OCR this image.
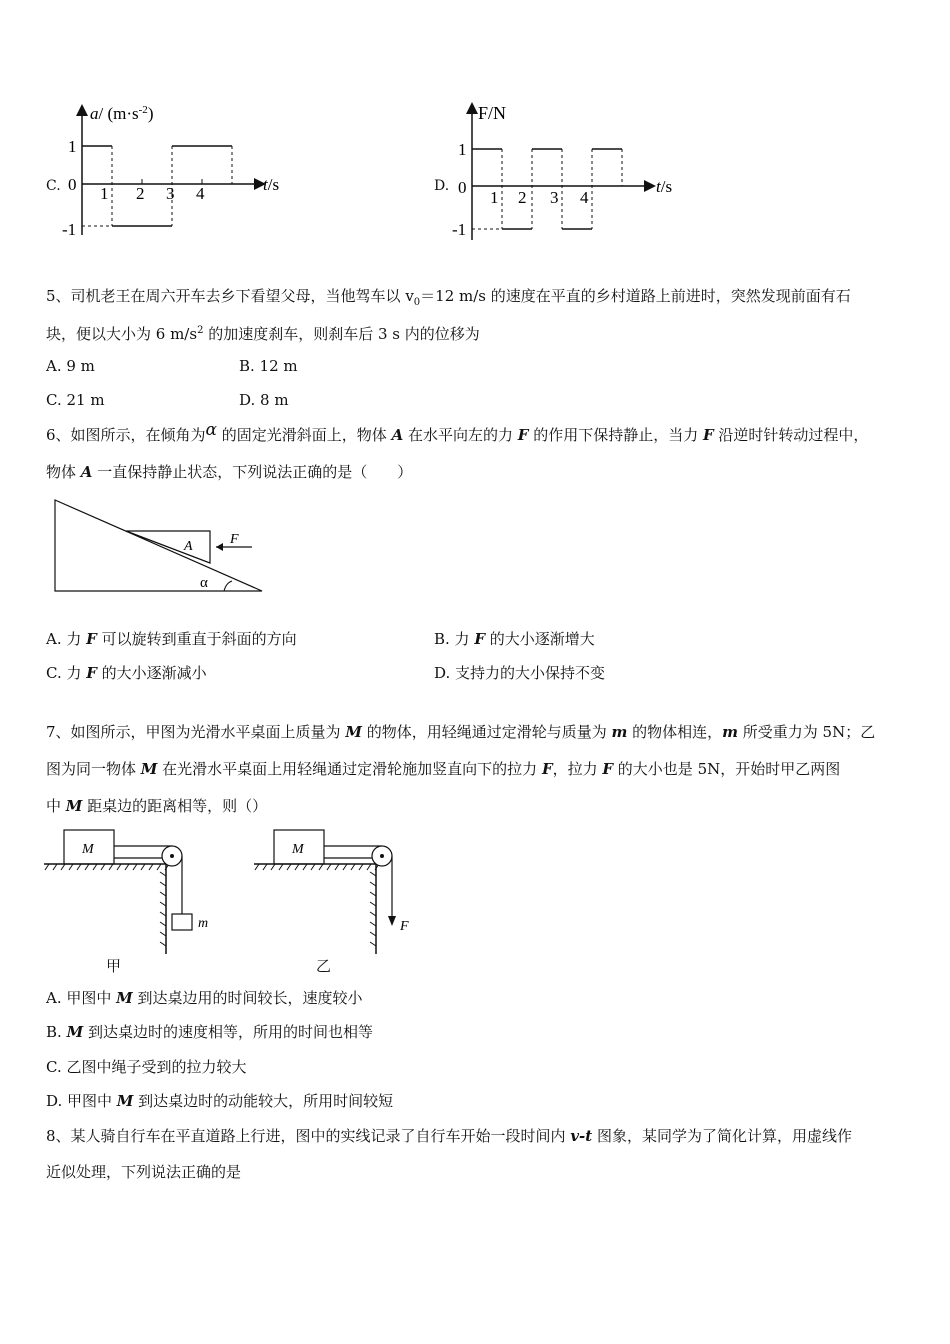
C.
a/ $(m\cdot s^{-2})$
t/s
1
0
-1
1 2 3 4	D.
F/N
t/s
1
0
-1
1 2 3 4
5、司机老王在周六开车去乡下看望父母，当他驾车以 $v_0=12$ m/s 的速度在平直的乡村道路上前进时，突然发现前面有石
块，便以大小为 6 $m/s^2$ 的加速度刹车，则刹车后 3 s 内的位移为
A. 9 m	B. 12 m
C. 21 m	D. 8 m
6、如图所示，在倾角为α 的固定光滑斜面上，物体 A 在水平向左的力 F 的作用下保持静止，当力 F 沿逆时针转动过程中，
物体 A 一直保持静止状态，下列说法正确的是（　　）
A	F
α
A. 力 F 可以旋转到重直于斜面的方向	B. 力 F 的大小逐渐增大
C. 力 F 的大小逐渐减小	D. 支持力的大小保持不变
7、如图所示，甲图为光滑水平桌面上质量为 M 的物体，用轻绳通过定滑轮与质量为 m 的物体相连，m 所受重力为 5N；乙
图为同一物体 M 在光滑水平桌面上用轻绳通过定滑轮施加竖直向下的拉力 F，拉力 F 的大小也是 5N，开始时甲乙两图
中 M 距桌边的距离相等，则（）
M
m
甲
M
F
乙
A. 甲图中 M 到达桌边用的时间较长，速度较小
B. M 到达桌边时的速度相等，所用的时间也相等
C. 乙图中绳子受到的拉力较大
D. 甲图中 M 到达桌边时的动能较大，所用时间较短
8、某人骑自行车在平直道路上行进，图中的实线记录了自行车开始一段时间内 v-t 图象，某同学为了简化计算，用虚线作
近似处理，下列说法正确的是
